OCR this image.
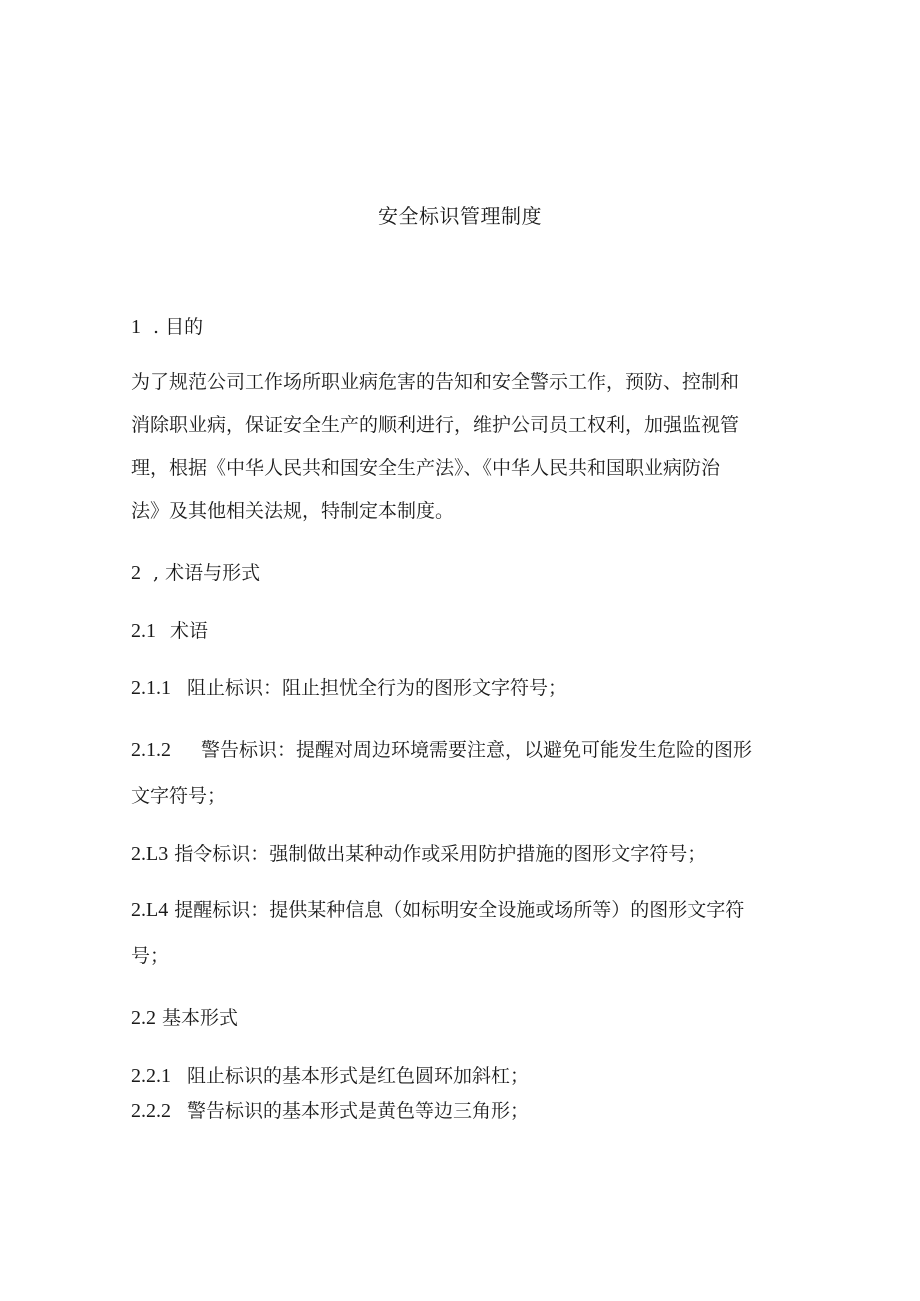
安全标识管理制度
1 . 目的
为了规范公司工作场所职业病危害的告知和安全警示工作，预防、控制和
消除职业病，保证安全生产的顺利进行，维护公司员工权利，加强监视管
理，根据《中华人民共和国安全生产法》、《中华人民共和国职业病防治
法》及其他相关法规，特制定本制度。
2 , 术语与形式
2.1 术语
2.1.1 阻止标识：阻止担忧全行为的图形文字符号；
2.1.2 警告标识：提醒对周边环境需要注意，以避免可能发生危险的图形
文字符号；
2.L3 指令标识：强制做出某种动作或采用防护措施的图形文字符号；
2.L4 提醒标识：提供某种信息（如标明安全设施或场所等）的图形文字符
号；
2.2 基本形式
2.2.1 阻止标识的基本形式是红色圆环加斜杠；
2.2.2 警告标识的基本形式是黄色等边三角形；
